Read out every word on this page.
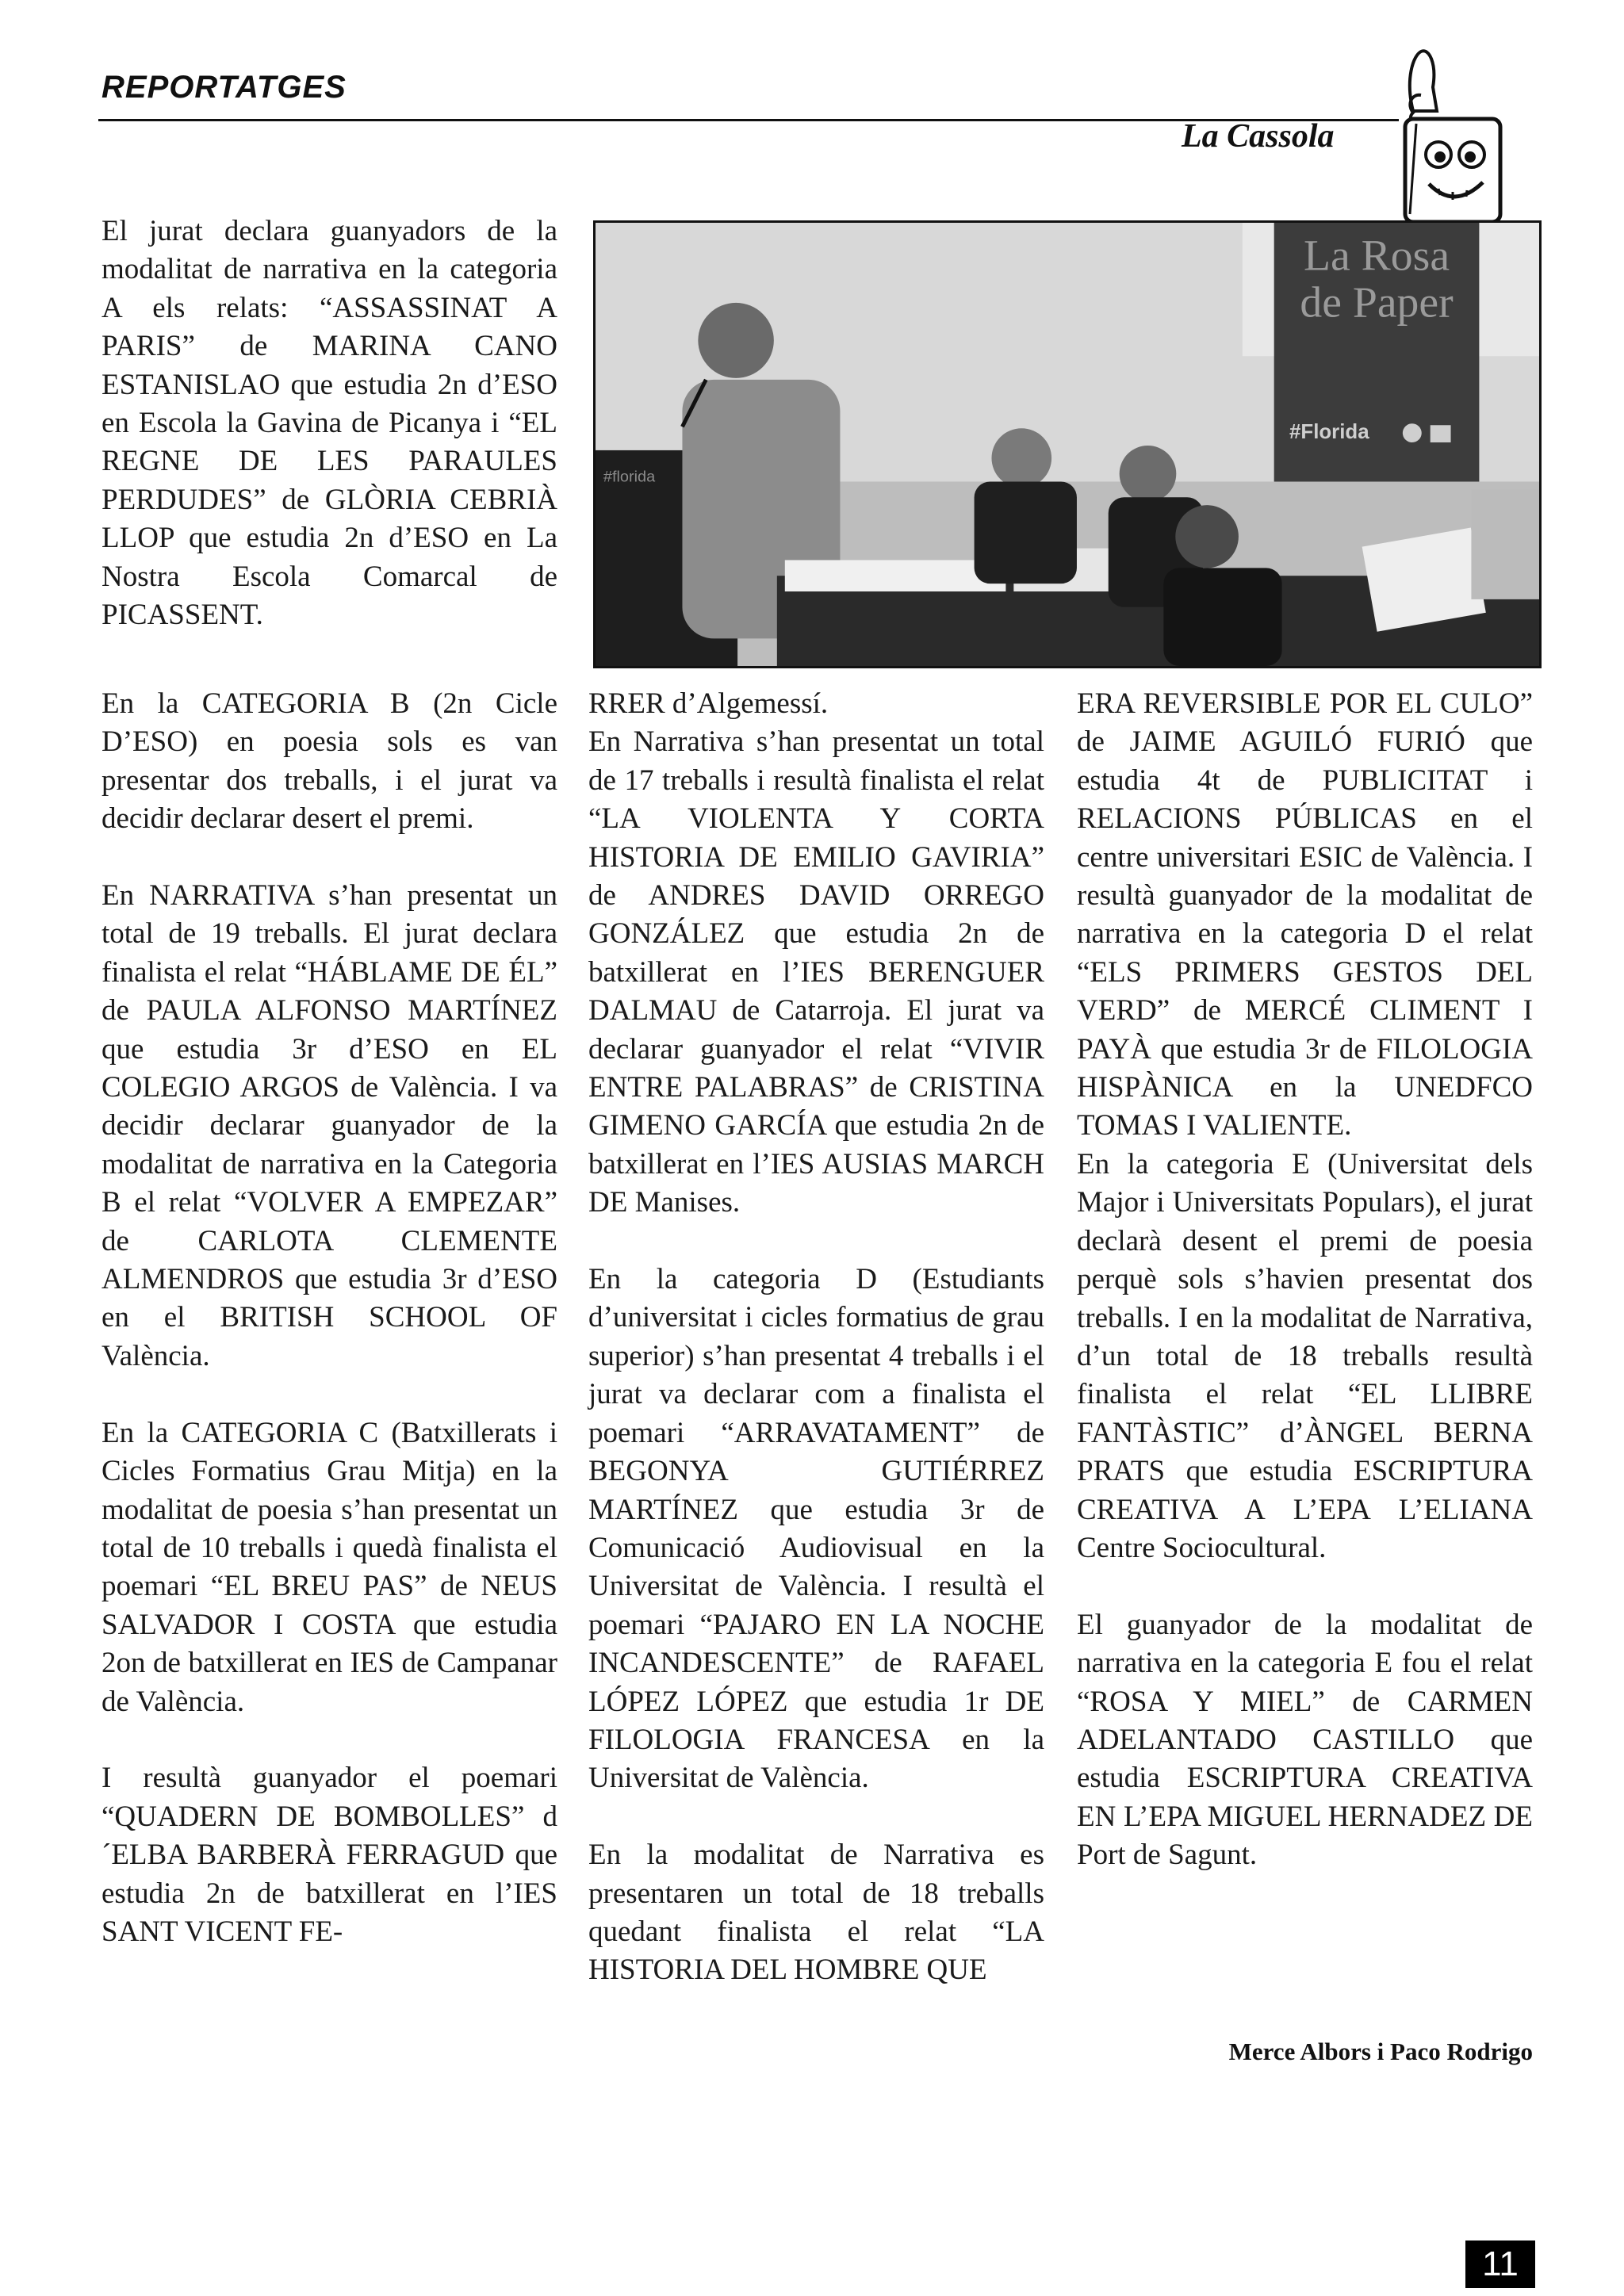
REPORTATGES
La Cassola
La Rosa
de Paper
#Florida
#florida

El jurat declara guanyadors de la modalitat de narrativa en la categoria A els relats: “ASSASSINAT A PARIS” de MARINA CANO ESTANISLAO que estudia 2n d’ESO en Escola la Gavina de Picanya i “EL REGNE DE LES PARAULES PERDUDES” de GLÒRIA CEBRIÀ LLOP que estudia 2n d’ESO en La Nostra Escola Comarcal de PICASSENT.

En la CATEGORIA B (2n Cicle D’ESO) en poesia sols es van presentar dos treballs, i el jurat va decidir declarar desert el premi.

En NARRATIVA s’han presentat un total de 19 treballs. El jurat declara finalista el relat “HÁBLAME DE ÉL” de PAULA ALFONSO MARTÍNEZ que estudia 3r d’ESO en EL COLEGIO ARGOS de València. I va decidir declarar guanyador de la modalitat de narrativa en la Categoria B el relat “VOLVER A EMPEZAR” de CARLOTA CLEMENTE ALMENDROS que estudia 3r d’ESO en el BRITISH SCHOOL OF València.

En la CATEGORIA C (Batxillerats i Cicles Formatius Grau Mitja) en la modalitat de poesia s’han presentat un total de 10 treballs i quedà finalista el poemari “EL BREU PAS” de NEUS SALVADOR I COSTA que estudia 2on de batxillerat en IES de Campanar de València.

I resultà guanyador el poemari “QUADERN DE BOMBOLLES” d´ELBA BARBERÀ FERRAGUD que estudia 2n de batxillerat en l’IES SANT VICENT FE-

RRER d’Algemessí.

En Narrativa s’han presentat un total de 17 treballs i resultà finalista el relat “LA VIOLENTA Y CORTA HISTORIA DE EMILIO GAVIRIA” de ANDRES DAVID ORREGO GONZÁLEZ que estudia 2n de batxillerat en l’IES BERENGUER DALMAU de Catarroja. El jurat va declarar guanyador el relat “VIVIR ENTRE PALABRAS” de CRISTINA GIMENO GARCÍA que estudia 2n de batxillerat en l’IES AUSIAS MARCH DE Manises.

En la categoria D (Estudiants d’universitat i cicles formatius de grau superior) s’han presentat 4 treballs i el jurat va declarar com a finalista el poemari “ARRAVATAMENT” de BEGONYA GUTIÉRREZ MARTÍNEZ que estudia 3r de Comunicació Audiovisual en la Universitat de València. I resultà el poemari “PAJARO EN LA NOCHE INCANDESCENTE” de RAFAEL LÓPEZ LÓPEZ que estudia 1r DE FILOLOGIA FRANCESA en la Universitat de València.

En la modalitat de Narrativa es presentaren un total de 18 treballs quedant finalista el relat “LA HISTORIA DEL HOMBRE QUE

ERA REVERSIBLE POR EL CULO” de JAIME AGUILÓ FURIÓ que estudia 4t de PUBLICITAT i RELACIONS PÚBLICAS en el centre universitari ESIC de València. I resultà guanyador de la modalitat de narrativa en la categoria D el relat “ELS PRIMERS GESTOS DEL VERD” de MERCÉ CLIMENT I PAYÀ que estudia 3r de FILOLOGIA HISPÀNICA en la UNEDFCO TOMAS I VALIENTE.

En la categoria E (Universitat dels Major i Universitats Populars), el jurat declarà desent el premi de poesia perquè sols s’havien presentat dos treballs. I en la modalitat de Narrativa, d’un total de 18 treballs resultà finalista el relat “EL LLIBRE FANTÀSTIC” d’ÀNGEL BERNA PRATS que estudia ESCRIPTURA CREATIVA A L’EPA L’ELIANA Centre Sociocultural.

El guanyador de la modalitat de narrativa en la categoria E fou el relat “ROSA Y MIEL” de CARMEN ADELANTADO CASTILLO que estudia ESCRIPTURA CREATIVA EN L’EPA MIGUEL HERNADEZ DE Port de Sagunt.

Merce Albors i Paco Rodrigo
11
